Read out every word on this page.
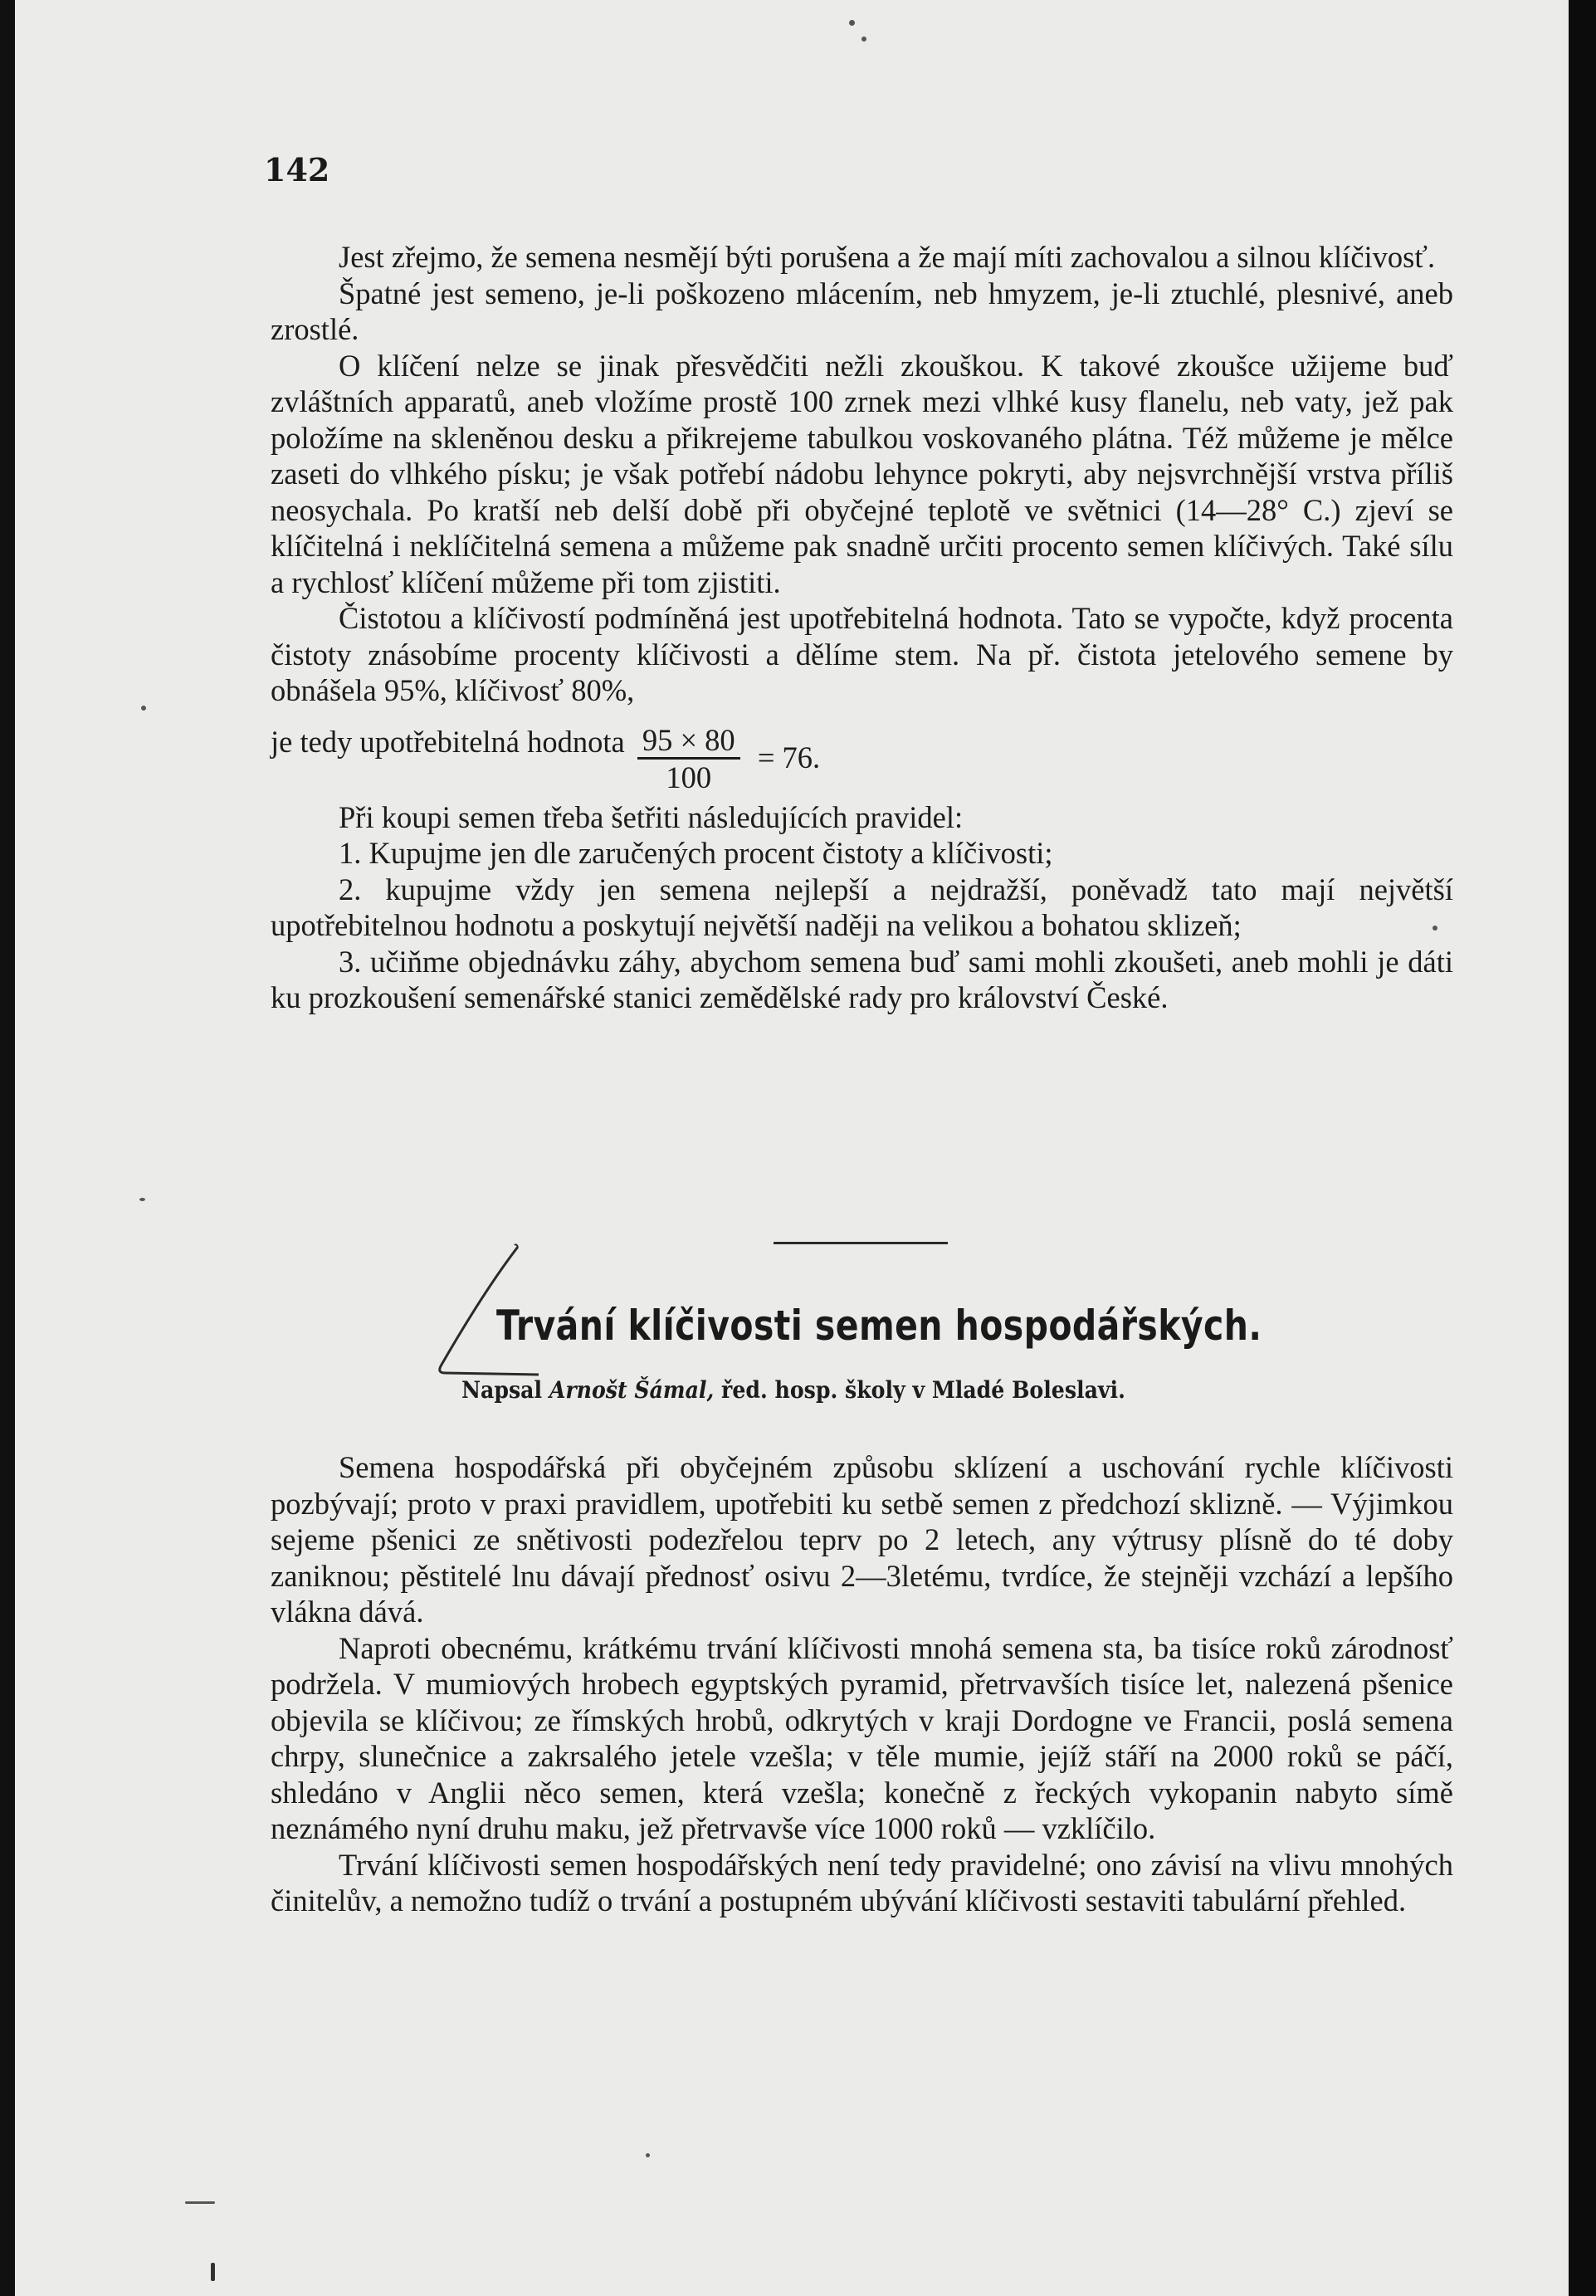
142

Jest zřejmo, že semena nesmějí býti porušena a že mají míti zachovalou a silnou klíčivosť.

Špatné jest semeno, je-li poškozeno mlácením, neb hmyzem, je-li ztuchlé, plesnivé, aneb zrostlé.

O klíčení nelze se jinak přesvědčiti nežli zkouškou. K takové zkoušce užijeme buď zvláštních apparatů, aneb vložíme prostě 100 zrnek mezi vlhké kusy flanelu, neb vaty, jež pak položíme na skleněnou desku a přikrejeme tabulkou voskovaného plátna. Též můžeme je mělce zaseti do vlhkého písku; je však potřebí nádobu lehynce pokryti, aby nejsvrchnější vrstva příliš neosychala. Po kratší neb delší době při obyčejné teplotě ve světnici (14—28° C.) zjeví se klíčitelná i neklíčitelná semena a můžeme pak snadně určiti procento semen klíčivých. Také sílu a rychlosť klíčení můžeme při tom zjistiti.

Čistotou a klíčivostí podmíněná jest upotřebitelná hodnota. Tato se vypočte, když procenta čistoty znásobíme procenty klíčivosti a dělíme stem. Na př. čistota jetelového semene by obnášela 95%, klíčivosť 80%,

je tedy upotřebitelná hodnota $\frac{95 \times 80}{100} = 76$.

Při koupi semen třeba šetřiti následujících pravidel:

1. Kupujme jen dle zaručených procent čistoty a klíčivosti;

2. kupujme vždy jen semena nejlepší a nejdražší, poněvadž tato mají největší upotřebitelnou hodnotu a poskytují největší naději na velikou a bohatou sklizeň;

3. učiňme objednávku záhy, abychom semena buď sami mohli zkoušeti, aneb mohli je dáti ku prozkoušení semenářské stanici zemědělské rady pro království České.

Trvání klíčivosti semen hospodářských.
Napsal Arnošt Šámal, řed. hosp. školy v Mladé Boleslavi.

Semena hospodářská při obyčejném způsobu sklízení a uschování rychle klíčivosti pozbývají; proto v praxi pravidlem, upotřebiti ku setbě semen z předchozí sklizně. — Výjimkou sejeme pšenici ze snětivosti podezřelou teprv po 2 letech, any výtrusy plísně do té doby zaniknou; pěstitelé lnu dávají přednosť osivu 2—3letému, tvrdíce, že stejněji vzchází a lepšího vlákna dává.

Naproti obecnému, krátkému trvání klíčivosti mnohá semena sta, ba tisíce roků zárodnosť podržela. V mumiových hrobech egyptských pyramid, přetrvavších tisíce let, nalezená pšenice objevila se klíčivou; ze římských hrobů, odkrytých v kraji Dordogne ve Francii, poslá semena chrpy, slunečnice a zakrsalého jetele vzešla; v těle mumie, jejíž stáří na 2000 roků se páčí, shledáno v Anglii něco semen, která vzešla; konečně z řeckých vykopanin nabyto símě neznámého nyní druhu maku, jež přetrvavše více 1000 roků — vzklíčilo.

Trvání klíčivosti semen hospodářských není tedy pravidelné; ono závisí na vlivu mnohých činitelův, a nemožno tudíž o trvání a postupném ubývání klíčivosti sestaviti tabulární přehled.
